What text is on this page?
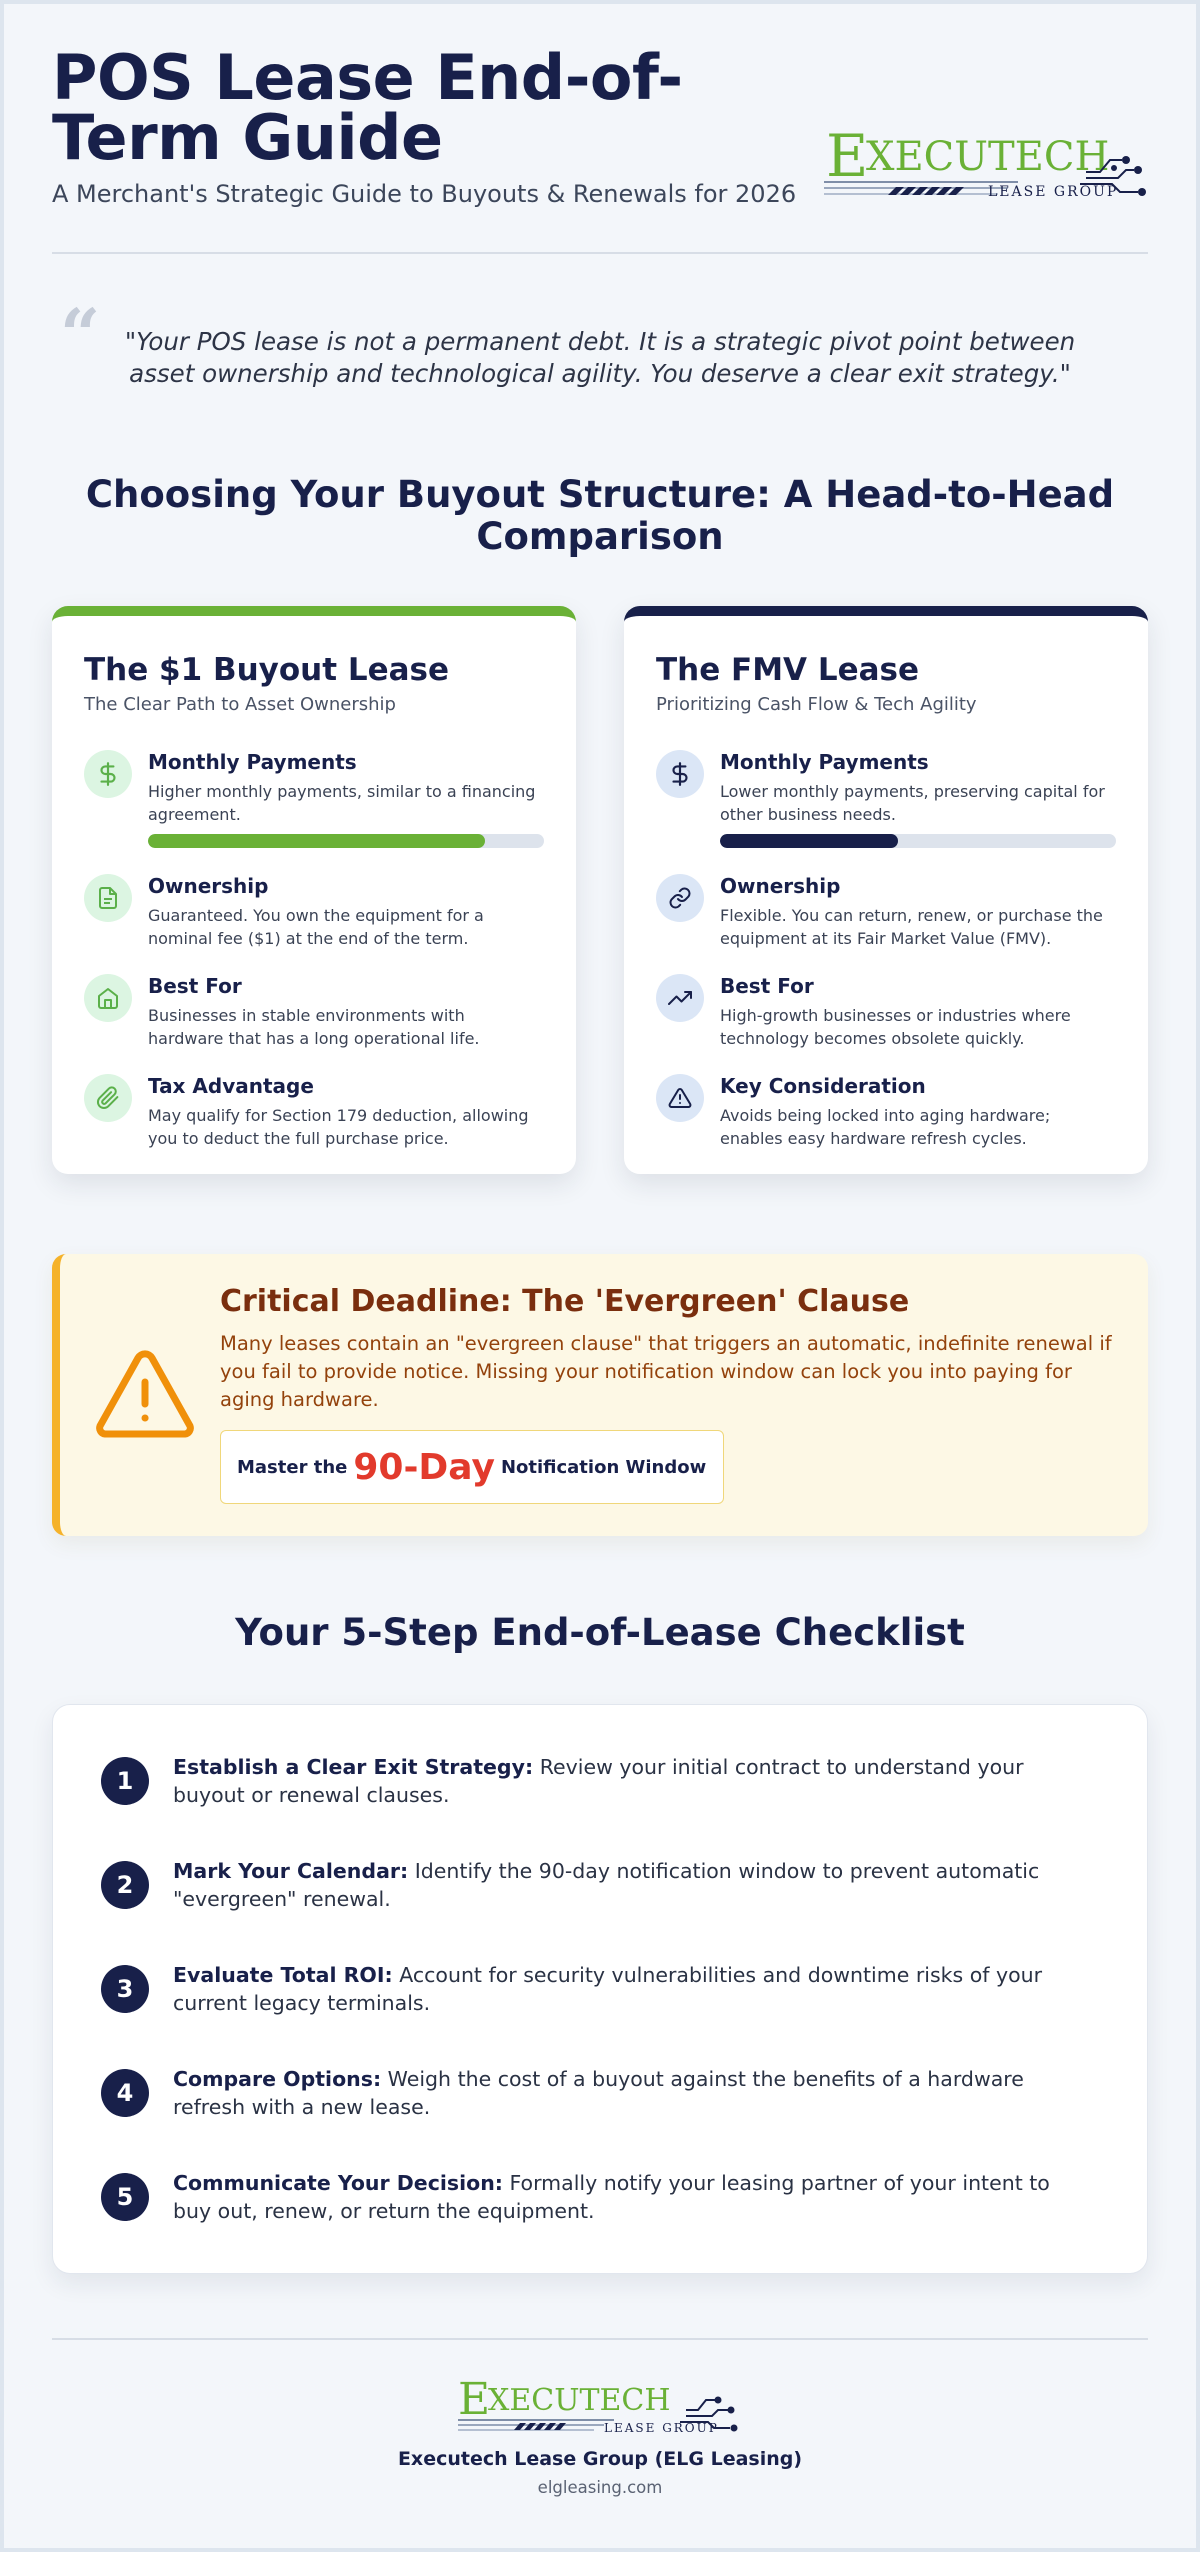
POS Lease End-of-Term Guide
A Merchant's Strategic Guide to Buyouts & Renewals for 2026
E
XECUTECH
LEASE GROUP
“	"Your POS lease is not a permanent debt. It is a strategic pivot point between asset ownership and technological agility. You deserve a clear exit strategy."
Choosing Your Buyout Structure: A Head-to-Head Comparison
The $1 Buyout Lease
The Clear Path to Asset Ownership
Monthly Payments
Higher monthly payments, similar to a financing agreement.
Ownership
Guaranteed. You own the equipment for a nominal fee ($1) at the end of the term.
Best For
Businesses in stable environments with hardware that has a long operational life.
Tax Advantage
May qualify for Section 179 deduction, allowing you to deduct the full purchase price.
The FMV Lease
Prioritizing Cash Flow & Tech Agility
Monthly Payments
Lower monthly payments, preserving capital for other business needs.
Ownership
Flexible. You can return, renew, or purchase the equipment at its Fair Market Value (FMV).
Best For
High-growth businesses or industries where technology becomes obsolete quickly.
Key Consideration
Avoids being locked into aging hardware; enables easy hardware refresh cycles.
Critical Deadline: The 'Evergreen' Clause
Many leases contain an "evergreen clause" that triggers an automatic, indefinite renewal if you fail to provide notice. Missing your notification window can lock you into paying for aging hardware.
Master the 90-Day Notification Window
Your 5-Step End-of-Lease Checklist
1	Establish a Clear Exit Strategy: Review your initial contract to understand your buyout or renewal clauses.
2	Mark Your Calendar: Identify the 90-day notification window to prevent automatic "evergreen" renewal.
3	Evaluate Total ROI: Account for security vulnerabilities and downtime risks of your current legacy terminals.
4	Compare Options: Weigh the cost of a buyout against the benefits of a hardware refresh with a new lease.
5	Communicate Your Decision: Formally notify your leasing partner of your intent to buy out, renew, or return the equipment.
E
XECUTECH
LEASE GROUP
Executech Lease Group (ELG Leasing)
elgleasing.com
